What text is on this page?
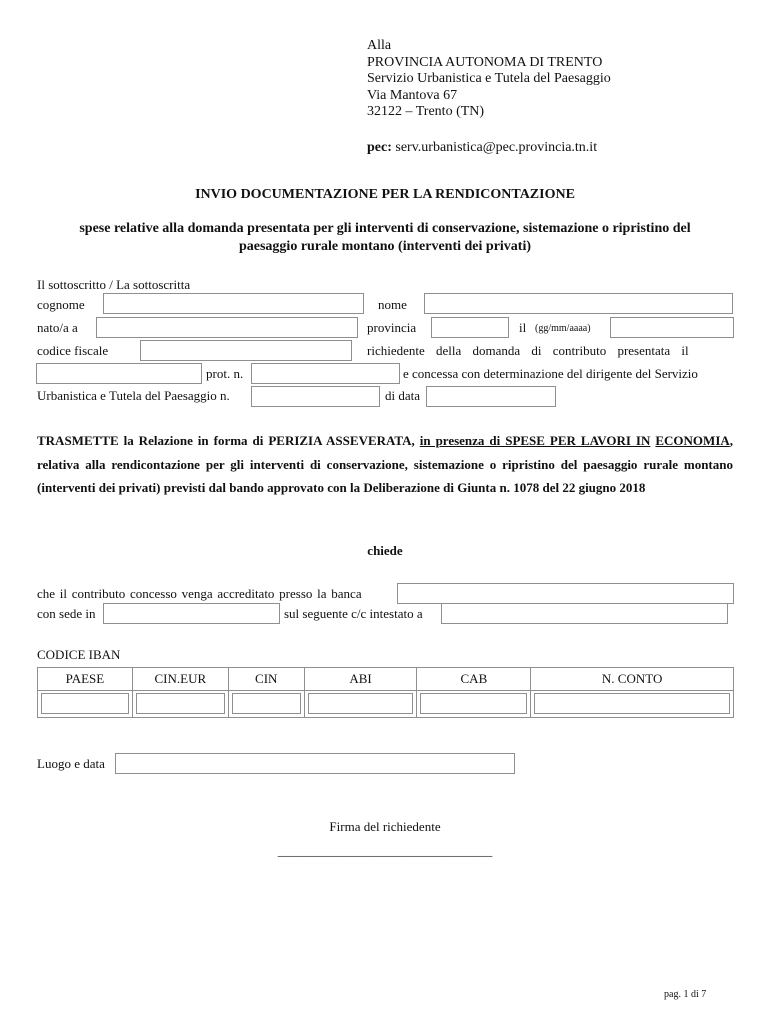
Alla
PROVINCIA AUTONOMA DI TRENTO
Servizio Urbanistica e Tutela del Paesaggio
Via Mantova 67
32122 – Trento (TN)
pec: serv.urbanistica@pec.provincia.tn.it
INVIO DOCUMENTAZIONE PER LA RENDICONTAZIONE
spese relative alla domanda presentata per gli interventi di conservazione, sistemazione o ripristino del
paesaggio rurale montano (interventi dei privati)
Il sottoscritto / La sottoscritta
cognome	nome
nato/a a	provincia	il (gg/mm/aaaa)
codice fiscale	richiedente della domanda di contributo presentata il
prot. n.	e concessa con determinazione del dirigente del Servizio
Urbanistica e Tutela del Paesaggio n.	di data
TRASMETTE la Relazione in forma di PERIZIA ASSEVERATA, in presenza di SPESE PER LAVORI IN ECONOMIA, relativa alla rendicontazione per gli interventi di conservazione, sistemazione o ripristino del paesaggio rurale montano (interventi dei privati) previsti dal bando approvato con la Deliberazione di Giunta n. 1078 del 22 giugno 2018
chiede
che il contributo concesso venga accreditato presso la banca
con sede in	sul seguente c/c intestato a
CODICE IBAN
PAESE	CIN.EUR	CIN	ABI	CAB	N. CONTO

Luogo e data
Firma del richiedente
_________________________________
pag. 1 di 7
